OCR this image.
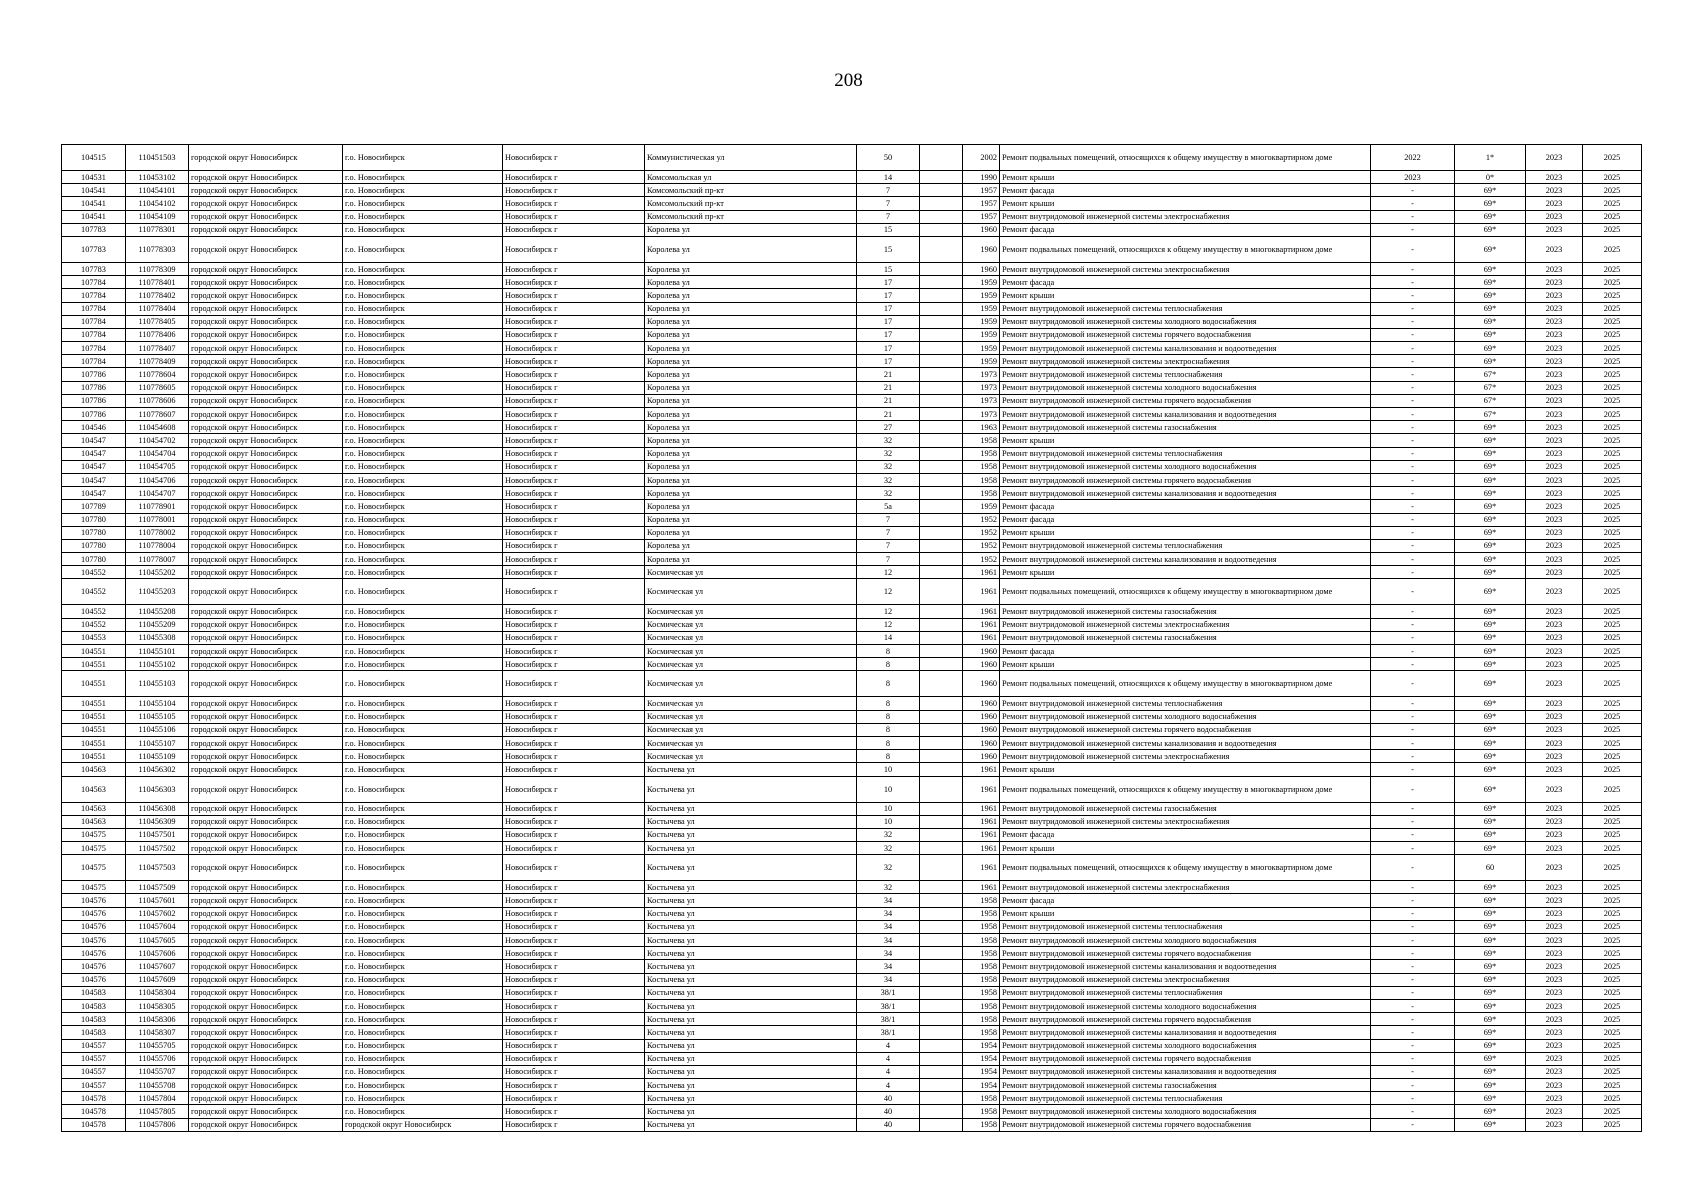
208
104515	110451503	городской округ Новосибирск	г.о. Новосибирск	Новосибирск г	Коммунистическая ул	50		2002	Ремонт подвальных помещений, относящихся к общему имуществу в многоквартирном доме	2022	1*	2023	2025
104531	110453102	городской округ Новосибирск	г.о. Новосибирск	Новосибирск г	Комсомольская ул	14		1990	Ремонт крыши	2023	0*	2023	2025
104541	110454101	городской округ Новосибирск	г.о. Новосибирск	Новосибирск г	Комсомольский пр-кт	7		1957	Ремонт фасада	-	69*	2023	2025
104541	110454102	городской округ Новосибирск	г.о. Новосибирск	Новосибирск г	Комсомольский пр-кт	7		1957	Ремонт крыши	-	69*	2023	2025
104541	110454109	городской округ Новосибирск	г.о. Новосибирск	Новосибирск г	Комсомольский пр-кт	7		1957	Ремонт внутридомовой инженерной системы электроснабжения	-	69*	2023	2025
107783	110778301	городской округ Новосибирск	г.о. Новосибирск	Новосибирск г	Королева ул	15		1960	Ремонт фасада	-	69*	2023	2025
107783	110778303	городской округ Новосибирск	г.о. Новосибирск	Новосибирск г	Королева ул	15		1960	Ремонт подвальных помещений, относящихся к общему имуществу в многоквартирном доме	-	69*	2023	2025
107783	110778309	городской округ Новосибирск	г.о. Новосибирск	Новосибирск г	Королева ул	15		1960	Ремонт внутридомовой инженерной системы электроснабжения	-	69*	2023	2025
107784	110778401	городской округ Новосибирск	г.о. Новосибирск	Новосибирск г	Королева ул	17		1959	Ремонт фасада	-	69*	2023	2025
107784	110778402	городской округ Новосибирск	г.о. Новосибирск	Новосибирск г	Королева ул	17		1959	Ремонт крыши	-	69*	2023	2025
107784	110778404	городской округ Новосибирск	г.о. Новосибирск	Новосибирск г	Королева ул	17		1959	Ремонт внутридомовой инженерной системы теплоснабжения	-	69*	2023	2025
107784	110778405	городской округ Новосибирск	г.о. Новосибирск	Новосибирск г	Королева ул	17		1959	Ремонт внутридомовой инженерной системы холодного водоснабжения	-	69*	2023	2025
107784	110778406	городской округ Новосибирск	г.о. Новосибирск	Новосибирск г	Королева ул	17		1959	Ремонт внутридомовой инженерной системы горячего водоснабжения	-	69*	2023	2025
107784	110778407	городской округ Новосибирск	г.о. Новосибирск	Новосибирск г	Королева ул	17		1959	Ремонт внутридомовой инженерной системы канализования и водоотведения	-	69*	2023	2025
107784	110778409	городской округ Новосибирск	г.о. Новосибирск	Новосибирск г	Королева ул	17		1959	Ремонт внутридомовой инженерной системы электроснабжения	-	69*	2023	2025
107786	110778604	городской округ Новосибирск	г.о. Новосибирск	Новосибирск г	Королева ул	21		1973	Ремонт внутридомовой инженерной системы теплоснабжения	-	67*	2023	2025
107786	110778605	городской округ Новосибирск	г.о. Новосибирск	Новосибирск г	Королева ул	21		1973	Ремонт внутридомовой инженерной системы холодного водоснабжения	-	67*	2023	2025
107786	110778606	городской округ Новосибирск	г.о. Новосибирск	Новосибирск г	Королева ул	21		1973	Ремонт внутридомовой инженерной системы горячего водоснабжения	-	67*	2023	2025
107786	110778607	городской округ Новосибирск	г.о. Новосибирск	Новосибирск г	Королева ул	21		1973	Ремонт внутридомовой инженерной системы канализования и водоотведения	-	67*	2023	2025
104546	110454608	городской округ Новосибирск	г.о. Новосибирск	Новосибирск г	Королева ул	27		1963	Ремонт внутридомовой инженерной системы газоснабжения	-	69*	2023	2025
104547	110454702	городской округ Новосибирск	г.о. Новосибирск	Новосибирск г	Королева ул	32		1958	Ремонт крыши	-	69*	2023	2025
104547	110454704	городской округ Новосибирск	г.о. Новосибирск	Новосибирск г	Королева ул	32		1958	Ремонт внутридомовой инженерной системы теплоснабжения	-	69*	2023	2025
104547	110454705	городской округ Новосибирск	г.о. Новосибирск	Новосибирск г	Королева ул	32		1958	Ремонт внутридомовой инженерной системы холодного водоснабжения	-	69*	2023	2025
104547	110454706	городской округ Новосибирск	г.о. Новосибирск	Новосибирск г	Королева ул	32		1958	Ремонт внутридомовой инженерной системы горячего водоснабжения	-	69*	2023	2025
104547	110454707	городской округ Новосибирск	г.о. Новосибирск	Новосибирск г	Королева ул	32		1958	Ремонт внутридомовой инженерной системы канализования и водоотведения	-	69*	2023	2025
107789	110778901	городской округ Новосибирск	г.о. Новосибирск	Новосибирск г	Королева ул	5а		1959	Ремонт фасада	-	69*	2023	2025
107780	110778001	городской округ Новосибирск	г.о. Новосибирск	Новосибирск г	Королева ул	7		1952	Ремонт фасада	-	69*	2023	2025
107780	110778002	городской округ Новосибирск	г.о. Новосибирск	Новосибирск г	Королева ул	7		1952	Ремонт крыши	-	69*	2023	2025
107780	110778004	городской округ Новосибирск	г.о. Новосибирск	Новосибирск г	Королева ул	7		1952	Ремонт внутридомовой инженерной системы теплоснабжения	-	69*	2023	2025
107780	110778007	городской округ Новосибирск	г.о. Новосибирск	Новосибирск г	Королева ул	7		1952	Ремонт внутридомовой инженерной системы канализования и водоотведения	-	69*	2023	2025
104552	110455202	городской округ Новосибирск	г.о. Новосибирск	Новосибирск г	Космическая ул	12		1961	Ремонт крыши	-	69*	2023	2025
104552	110455203	городской округ Новосибирск	г.о. Новосибирск	Новосибирск г	Космическая ул	12		1961	Ремонт подвальных помещений, относящихся к общему имуществу в многоквартирном доме	-	69*	2023	2025
104552	110455208	городской округ Новосибирск	г.о. Новосибирск	Новосибирск г	Космическая ул	12		1961	Ремонт внутридомовой инженерной системы газоснабжения	-	69*	2023	2025
104552	110455209	городской округ Новосибирск	г.о. Новосибирск	Новосибирск г	Космическая ул	12		1961	Ремонт внутридомовой инженерной системы электроснабжения	-	69*	2023	2025
104553	110455308	городской округ Новосибирск	г.о. Новосибирск	Новосибирск г	Космическая ул	14		1961	Ремонт внутридомовой инженерной системы газоснабжения	-	69*	2023	2025
104551	110455101	городской округ Новосибирск	г.о. Новосибирск	Новосибирск г	Космическая ул	8		1960	Ремонт фасада	-	69*	2023	2025
104551	110455102	городской округ Новосибирск	г.о. Новосибирск	Новосибирск г	Космическая ул	8		1960	Ремонт крыши	-	69*	2023	2025
104551	110455103	городской округ Новосибирск	г.о. Новосибирск	Новосибирск г	Космическая ул	8		1960	Ремонт подвальных помещений, относящихся к общему имуществу в многоквартирном доме	-	69*	2023	2025
104551	110455104	городской округ Новосибирск	г.о. Новосибирск	Новосибирск г	Космическая ул	8		1960	Ремонт внутридомовой инженерной системы теплоснабжения	-	69*	2023	2025
104551	110455105	городской округ Новосибирск	г.о. Новосибирск	Новосибирск г	Космическая ул	8		1960	Ремонт внутридомовой инженерной системы холодного водоснабжения	-	69*	2023	2025
104551	110455106	городской округ Новосибирск	г.о. Новосибирск	Новосибирск г	Космическая ул	8		1960	Ремонт внутридомовой инженерной системы горячего водоснабжения	-	69*	2023	2025
104551	110455107	городской округ Новосибирск	г.о. Новосибирск	Новосибирск г	Космическая ул	8		1960	Ремонт внутридомовой инженерной системы канализования и водоотведения	-	69*	2023	2025
104551	110455109	городской округ Новосибирск	г.о. Новосибирск	Новосибирск г	Космическая ул	8		1960	Ремонт внутридомовой инженерной системы электроснабжения	-	69*	2023	2025
104563	110456302	городской округ Новосибирск	г.о. Новосибирск	Новосибирск г	Костычева ул	10		1961	Ремонт крыши	-	69*	2023	2025
104563	110456303	городской округ Новосибирск	г.о. Новосибирск	Новосибирск г	Костычева ул	10		1961	Ремонт подвальных помещений, относящихся к общему имуществу в многоквартирном доме	-	69*	2023	2025
104563	110456308	городской округ Новосибирск	г.о. Новосибирск	Новосибирск г	Костычева ул	10		1961	Ремонт внутридомовой инженерной системы газоснабжения	-	69*	2023	2025
104563	110456309	городской округ Новосибирск	г.о. Новосибирск	Новосибирск г	Костычева ул	10		1961	Ремонт внутридомовой инженерной системы электроснабжения	-	69*	2023	2025
104575	110457501	городской округ Новосибирск	г.о. Новосибирск	Новосибирск г	Костычева ул	32		1961	Ремонт фасада	-	69*	2023	2025
104575	110457502	городской округ Новосибирск	г.о. Новосибирск	Новосибирск г	Костычева ул	32		1961	Ремонт крыши	-	69*	2023	2025
104575	110457503	городской округ Новосибирск	г.о. Новосибирск	Новосибирск г	Костычева ул	32		1961	Ремонт подвальных помещений, относящихся к общему имуществу в многоквартирном доме	-	60	2023	2025
104575	110457509	городской округ Новосибирск	г.о. Новосибирск	Новосибирск г	Костычева ул	32		1961	Ремонт внутридомовой инженерной системы электроснабжения	-	69*	2023	2025
104576	110457601	городской округ Новосибирск	г.о. Новосибирск	Новосибирск г	Костычева ул	34		1958	Ремонт фасада	-	69*	2023	2025
104576	110457602	городской округ Новосибирск	г.о. Новосибирск	Новосибирск г	Костычева ул	34		1958	Ремонт крыши	-	69*	2023	2025
104576	110457604	городской округ Новосибирск	г.о. Новосибирск	Новосибирск г	Костычева ул	34		1958	Ремонт внутридомовой инженерной системы теплоснабжения	-	69*	2023	2025
104576	110457605	городской округ Новосибирск	г.о. Новосибирск	Новосибирск г	Костычева ул	34		1958	Ремонт внутридомовой инженерной системы холодного водоснабжения	-	69*	2023	2025
104576	110457606	городской округ Новосибирск	г.о. Новосибирск	Новосибирск г	Костычева ул	34		1958	Ремонт внутридомовой инженерной системы горячего водоснабжения	-	69*	2023	2025
104576	110457607	городской округ Новосибирск	г.о. Новосибирск	Новосибирск г	Костычева ул	34		1958	Ремонт внутридомовой инженерной системы канализования и водоотведения	-	69*	2023	2025
104576	110457609	городской округ Новосибирск	г.о. Новосибирск	Новосибирск г	Костычева ул	34		1958	Ремонт внутридомовой инженерной системы электроснабжения	-	69*	2023	2025
104583	110458304	городской округ Новосибирск	г.о. Новосибирск	Новосибирск г	Костычева ул	38/1		1958	Ремонт внутридомовой инженерной системы теплоснабжения	-	69*	2023	2025
104583	110458305	городской округ Новосибирск	г.о. Новосибирск	Новосибирск г	Костычева ул	38/1		1958	Ремонт внутридомовой инженерной системы холодного водоснабжения	-	69*	2023	2025
104583	110458306	городской округ Новосибирск	г.о. Новосибирск	Новосибирск г	Костычева ул	38/1		1958	Ремонт внутридомовой инженерной системы горячего водоснабжения	-	69*	2023	2025
104583	110458307	городской округ Новосибирск	г.о. Новосибирск	Новосибирск г	Костычева ул	38/1		1958	Ремонт внутридомовой инженерной системы канализования и водоотведения	-	69*	2023	2025
104557	110455705	городской округ Новосибирск	г.о. Новосибирск	Новосибирск г	Костычева ул	4		1954	Ремонт внутридомовой инженерной системы холодного водоснабжения	-	69*	2023	2025
104557	110455706	городской округ Новосибирск	г.о. Новосибирск	Новосибирск г	Костычева ул	4		1954	Ремонт внутридомовой инженерной системы горячего водоснабжения	-	69*	2023	2025
104557	110455707	городской округ Новосибирск	г.о. Новосибирск	Новосибирск г	Костычева ул	4		1954	Ремонт внутридомовой инженерной системы канализования и водоотведения	-	69*	2023	2025
104557	110455708	городской округ Новосибирск	г.о. Новосибирск	Новосибирск г	Костычева ул	4		1954	Ремонт внутридомовой инженерной системы газоснабжения	-	69*	2023	2025
104578	110457804	городской округ Новосибирск	г.о. Новосибирск	Новосибирск г	Костычева ул	40		1958	Ремонт внутридомовой инженерной системы теплоснабжения	-	69*	2023	2025
104578	110457805	городской округ Новосибирск	г.о. Новосибирск	Новосибирск г	Костычева ул	40		1958	Ремонт внутридомовой инженерной системы холодного водоснабжения	-	69*	2023	2025
104578	110457806	городской округ Новосибирск	городской округ Новосибирск	Новосибирск г	Костычева ул	40		1958	Ремонт внутридомовой инженерной системы горячего водоснабжения	-	69*	2023	2025
